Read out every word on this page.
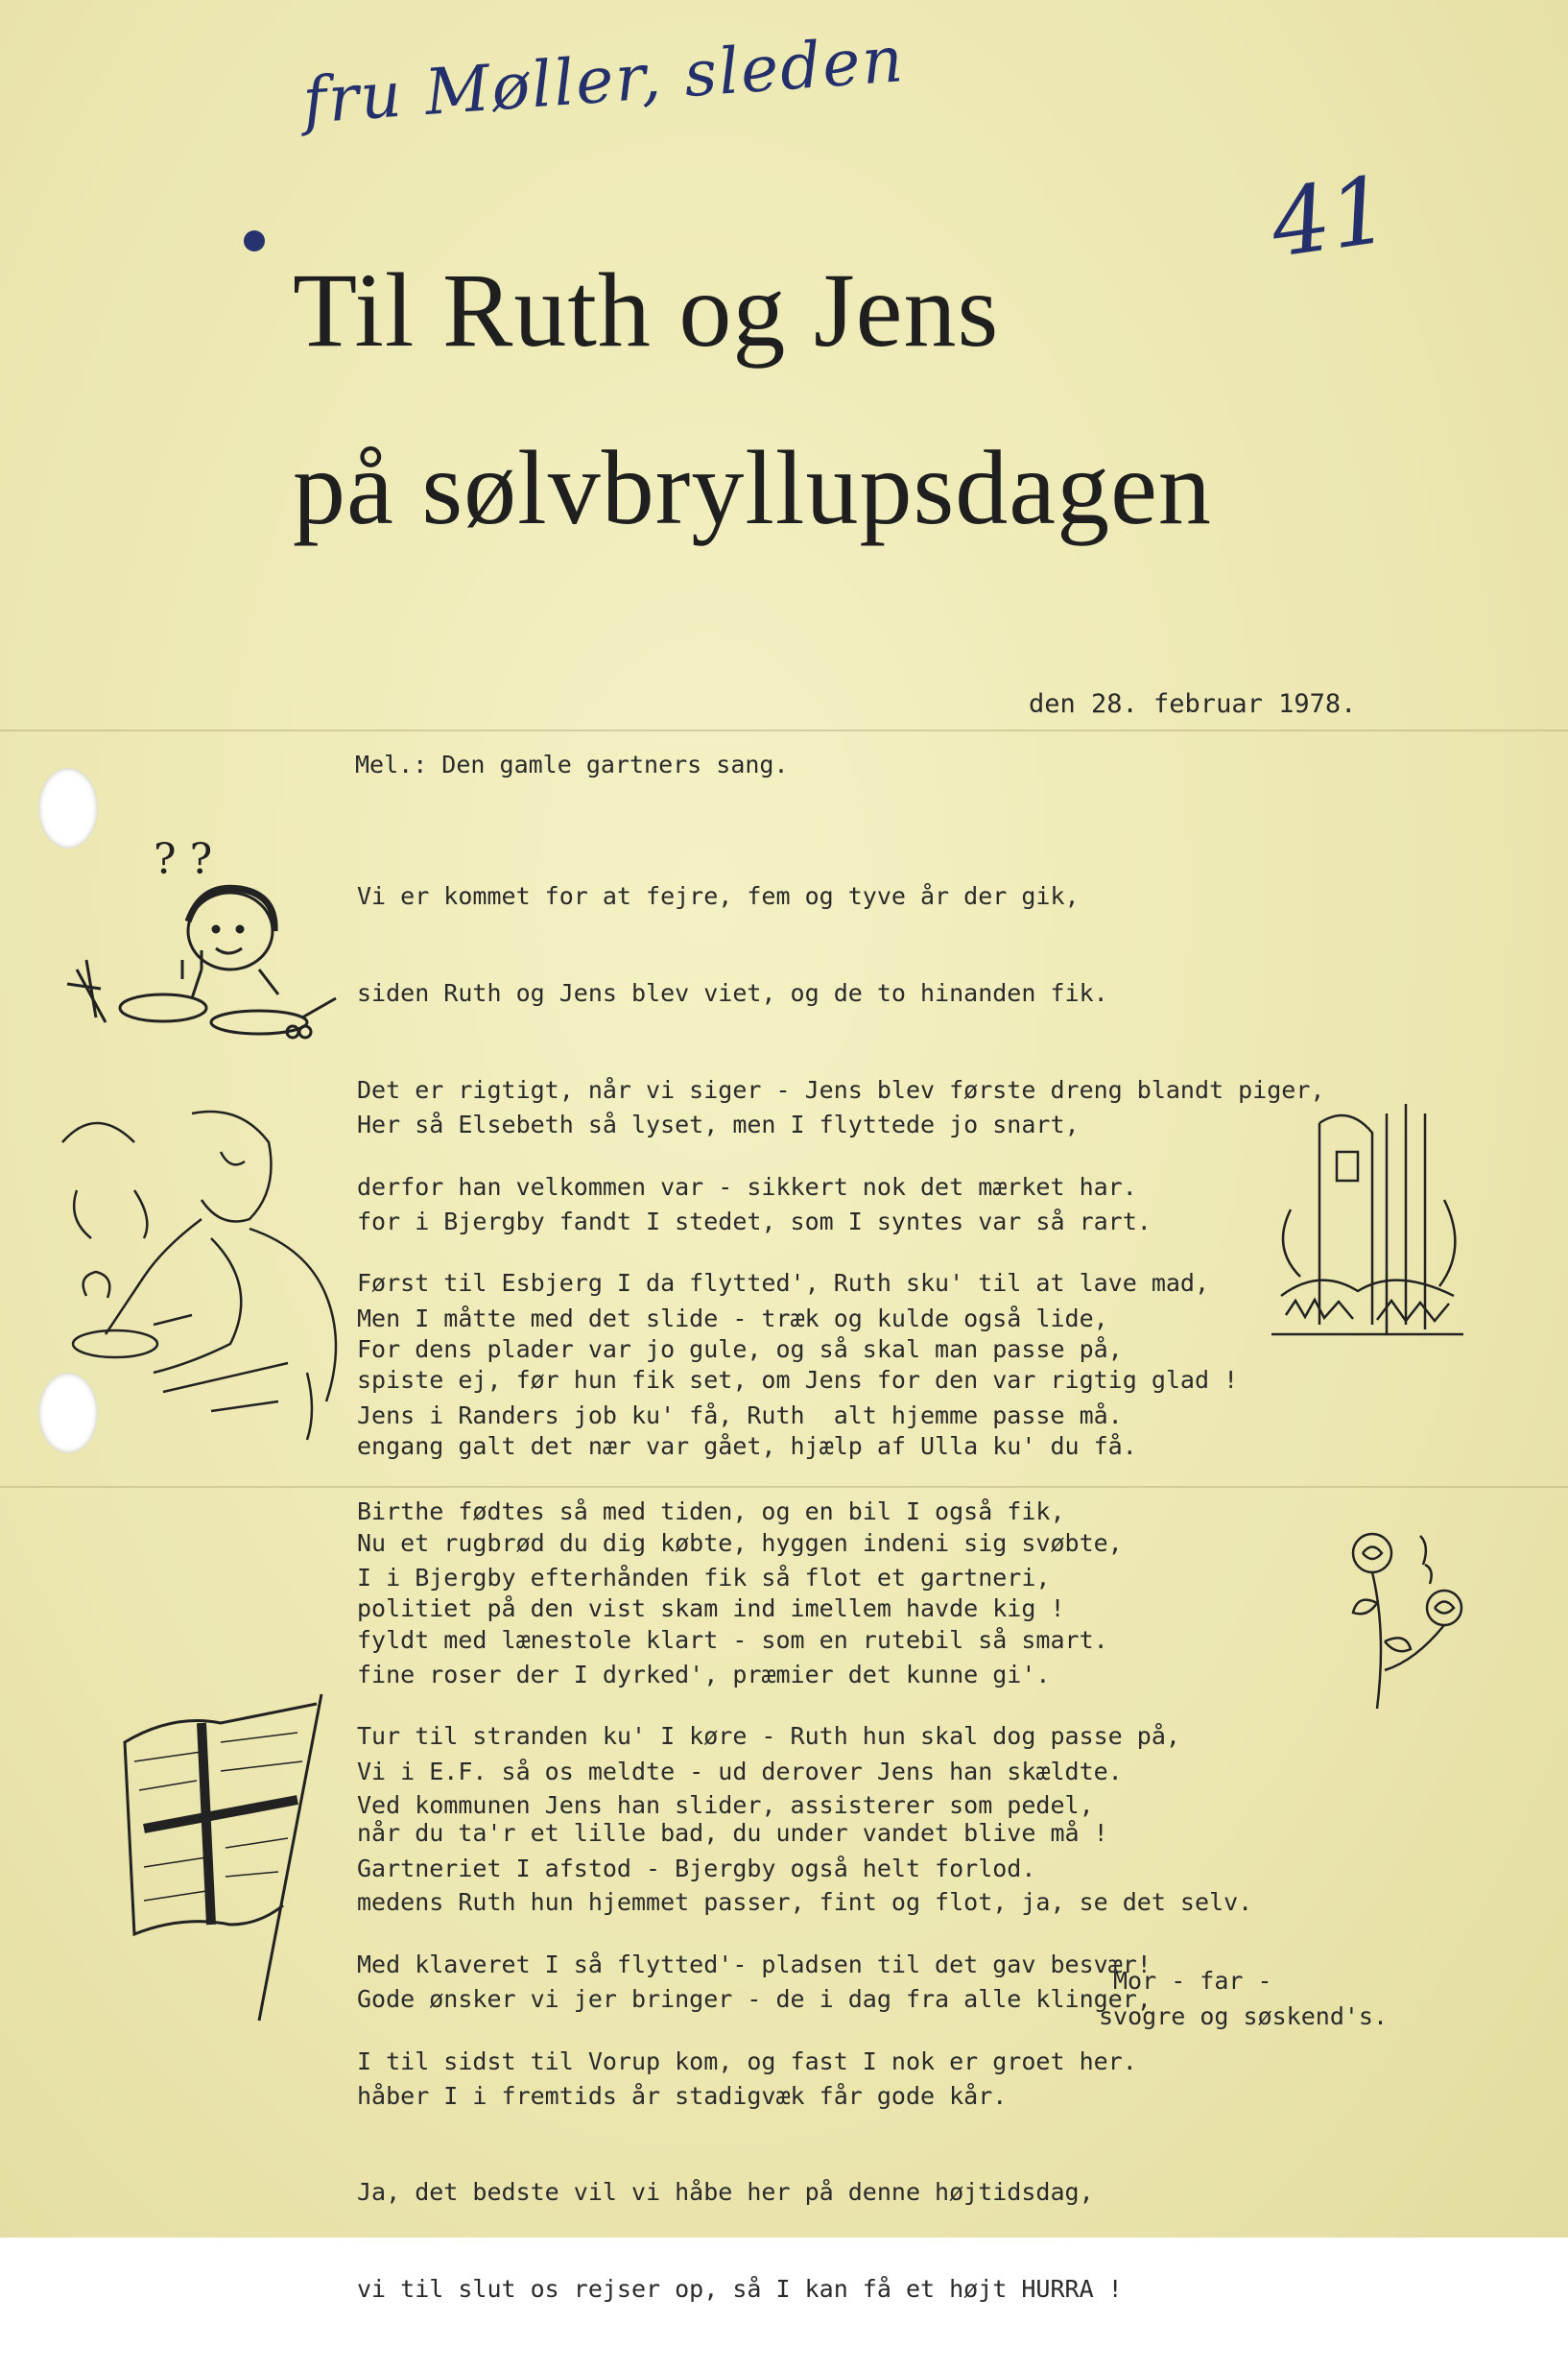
fru Møller, sleden
41
Til Ruth og Jens
på sølvbryllupsdagen
den 28. februar 1978.
Mel.: Den gamle gartners sang.

Vi er kommet for at fejre, fem og tyve år der gik,

siden Ruth og Jens blev viet, og de to hinanden fik.

Det er rigtigt, når vi siger - Jens blev første dreng blandt piger,

derfor han velkommen var - sikkert nok det mærket har.

Først til Esbjerg I da flytted', Ruth sku' til at lave mad,

spiste ej, før hun fik set, om Jens for den var rigtig glad !

Her så Elsebeth så lyset, men I flyttede jo snart,

for i Bjergby fandt I stedet, som I syntes var så rart.

Men I måtte med det slide - træk og kulde også lide,

Jens i Randers job ku' få, Ruth  alt hjemme passe må.

Birthe fødtes så med tiden, og en bil I også fik,

politiet på den vist skam ind imellem havde kig !

For dens plader var jo gule, og så skal man passe på,

engang galt det nær var gået, hjælp af Ulla ku' du få.

Nu et rugbrød du dig købte, hyggen indeni sig svøbte,

fyldt med lænestole klart - som en rutebil så smart.

Tur til stranden ku' I køre - Ruth hun skal dog passe på,

når du ta'r et lille bad, du under vandet blive må !

I i Bjergby efterhånden fik så flot et gartneri,

fine roser der I dyrked', præmier det kunne gi'.

Vi i E.F. så os meldte - ud derover Jens han skældte.

Gartneriet I afstod - Bjergby også helt forlod.

Med klaveret I så flytted'- pladsen til det gav besvær!

I til sidst til Vorup kom, og fast I nok er groet her.

Ved kommunen Jens han slider, assisterer som pedel,

medens Ruth hun hjemmet passer, fint og flot, ja, se det selv.

Gode ønsker vi jer bringer - de i dag fra alle klinger,

håber I i fremtids år stadigvæk får gode kår.

Ja, det bedste vil vi håbe her på denne højtidsdag,

vi til slut os rejser op, så I kan få et højt HURRA !

Mor - far -
svogre og søskend's.
? ?
